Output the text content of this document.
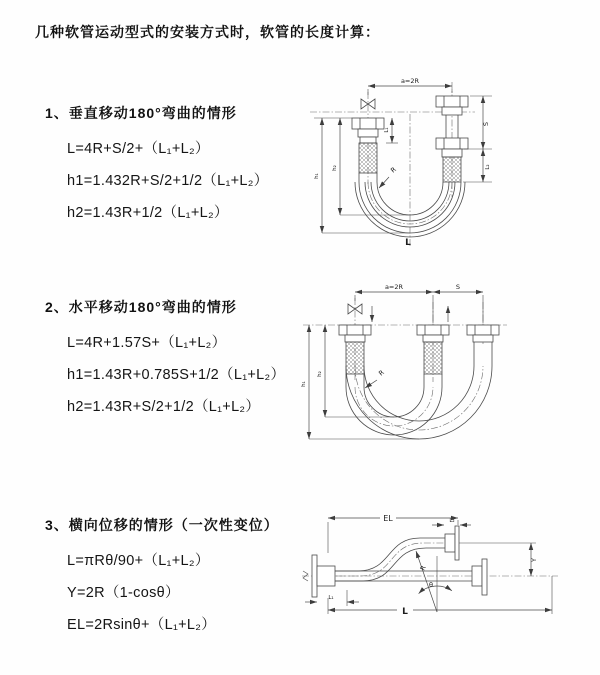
几种软管运动型式的安装方式时，软管的长度计算：
1、垂直移动180°弯曲的情形
L=4R+S/2+（L₁+L₂）
h1=1.432R+S/2+1/2（L₁+L₂）
h2=1.43R+1/2（L₁+L₂）
a=2R
S
L₂
L₁
h₂
h₁
R
L
2、水平移动180°弯曲的情形
L=4R+1.57S+（L₁+L₂）
h1=1.43R+0.785S+1/2（L₁+L₂）
h2=1.43R+S/2+1/2（L₁+L₂）
a=2R	S
h₂
h₁
R
3、横向位移的情形（一次性变位）
L=πRθ/90+（L₁+L₂）
Y=2R（1-cosθ）
EL=2Rsinθ+（L₁+L₂）
EL	L₂
Y
θ
R
L
L₁
